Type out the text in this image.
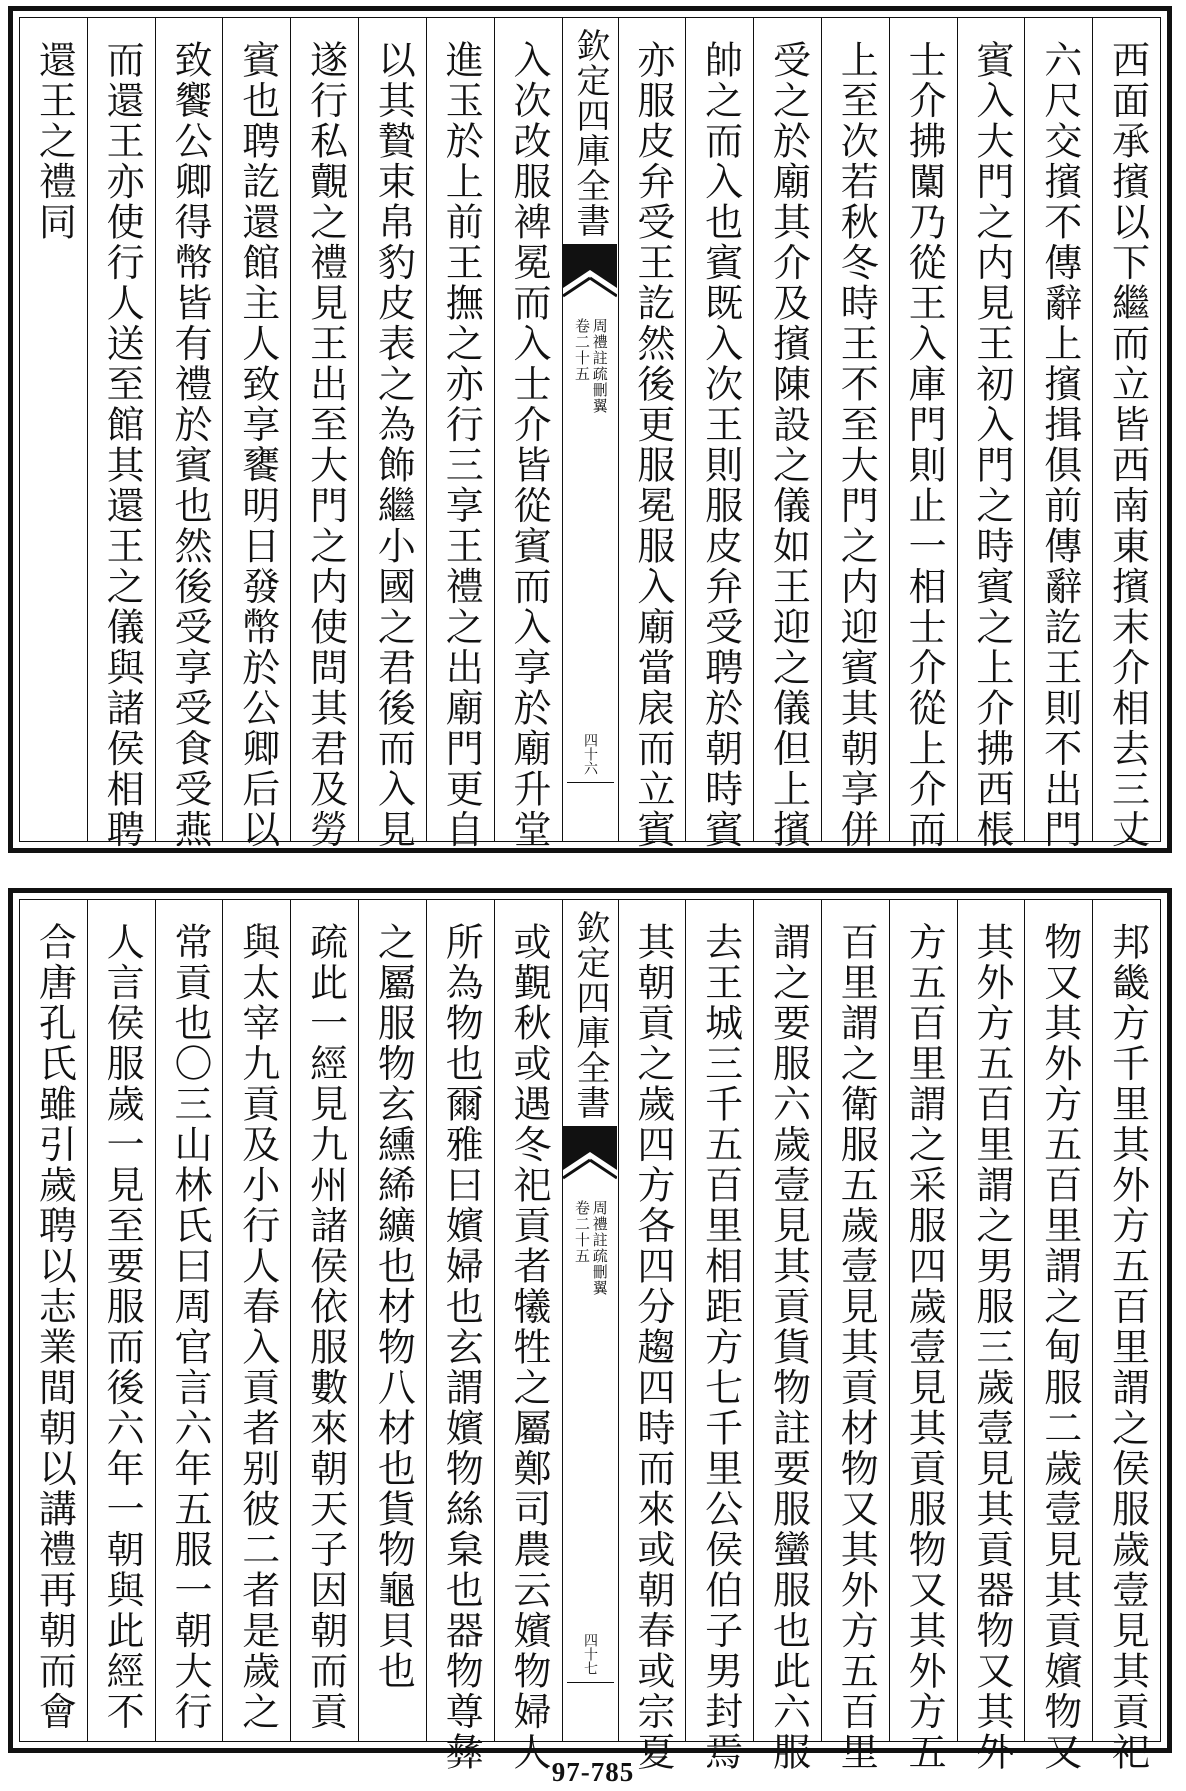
西面承擯以下繼而立皆西南東擯末介相去三丈
六尺交擯不傳辭上擯揖俱前傳辭訖王則不出門
賓入大門之内見王初入門之時賓之上介拂西棖
士介拂闑乃從王入庫門則止一相士介從上介而
上至次若秋冬時王不至大門之内迎賓其朝享併
受之於廟其介及擯陳設之儀如王迎之儀但上擯
帥之而入也賓既入次王則服皮弁受聘於朝時賓
亦服皮弁受王訖然後更服冕服入廟當扆而立賓
欽定四庫全書
周禮註疏刪翼
卷二十五
四十六
入次改服裨冕而入士介皆從賓而入享於廟升堂
進玉於上前王撫之亦行三享王禮之出廟門更自
以其贄束帛豹皮表之為飾繼小國之君後而入見
遂行私覿之禮見王出至大門之内使問其君及勞
賓也聘訖還館主人致享饔明日發幣於公卿后以
致饗公卿得幣皆有禮於賓也然後受享受食受燕
而還王亦使行人送至館其還王之儀與諸侯相聘
還王之禮同
邦畿方千里其外方五百里謂之侯服歲壹見其貢祀
物又其外方五百里謂之甸服二歲壹見其貢嬪物又
其外方五百里謂之男服三歲壹見其貢器物又其外
方五百里謂之采服四歲壹見其貢服物又其外方五
百里謂之衛服五歲壹見其貢材物又其外方五百里
謂之要服六歲壹見其貢貨物註要服蠻服也此六服
去王城三千五百里相距方七千里公侯伯子男封焉
其朝貢之歲四方各四分趨四時而來或朝春或宗夏
欽定四庫全書
周禮註疏刪翼
卷二十五
四十七
或覲秋或遇冬祀貢者犧牲之屬鄭司農云嬪物婦人
所為物也爾雅曰嬪婦也玄謂嬪物絲枲也器物尊彝
之屬服物玄纁絺纊也材物八材也貨物龜貝也
疏此一經見九州諸侯依服數來朝天子因朝而貢
與太宰九貢及小行人春入貢者别彼二者是歲之
常貢也〇三山林氏曰周官言六年五服一朝大行
人言侯服歲一見至要服而後六年一朝與此經不
合唐孔氏雖引歲聘以志業間朝以講禮再朝而會
97-785
